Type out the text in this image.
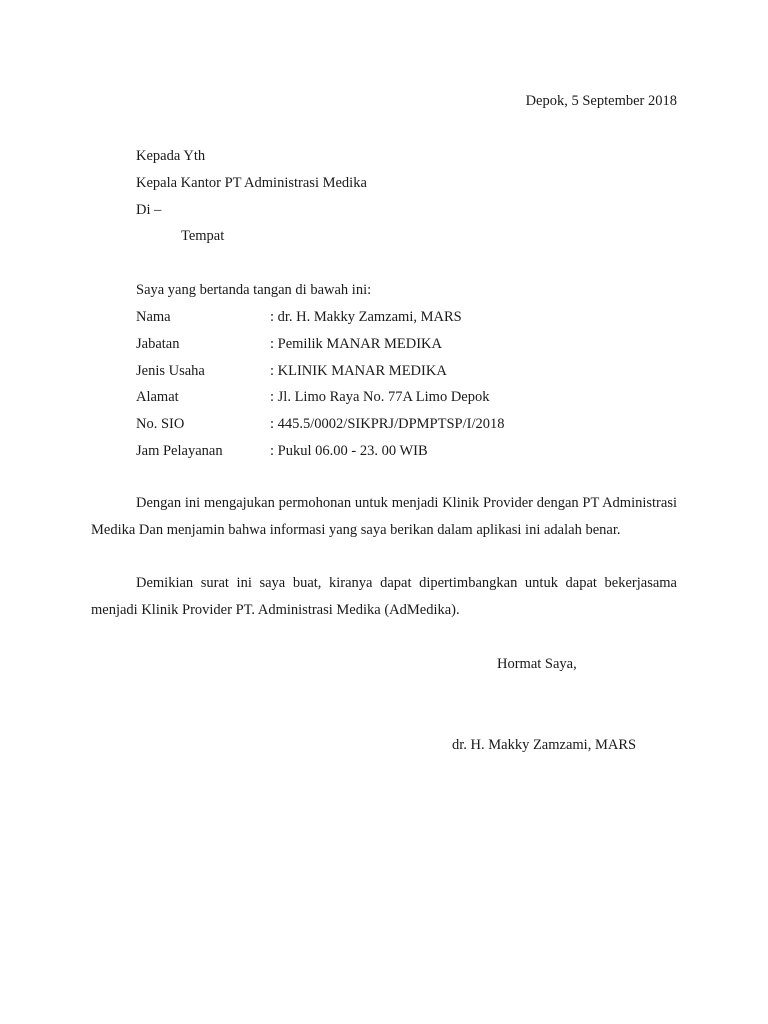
Depok, 5 September 2018
Kepada Yth
Kepala Kantor PT Administrasi Medika
Di –
Tempat
Saya yang bertanda tangan di bawah ini:
Nama	: dr. H. Makky Zamzami, MARS
Jabatan	: Pemilik MANAR MEDIKA
Jenis Usaha	: KLINIK MANAR MEDIKA
Alamat	: Jl. Limo Raya No. 77A Limo Depok
No. SIO	: 445.5/0002/SIKPRJ/DPMPTSP/I/2018
Jam Pelayanan	: Pukul 06.00 - 23. 00 WIB

Dengan ini mengajukan permohonan untuk menjadi Klinik Provider dengan PT Administrasi Medika Dan menjamin bahwa informasi yang saya berikan dalam aplikasi ini adalah benar.

Demikian surat ini saya buat, kiranya dapat dipertimbangkan untuk dapat bekerjasama menjadi Klinik Provider PT. Administrasi Medika (AdMedika).

Hormat Saya,
dr. H. Makky Zamzami, MARS
